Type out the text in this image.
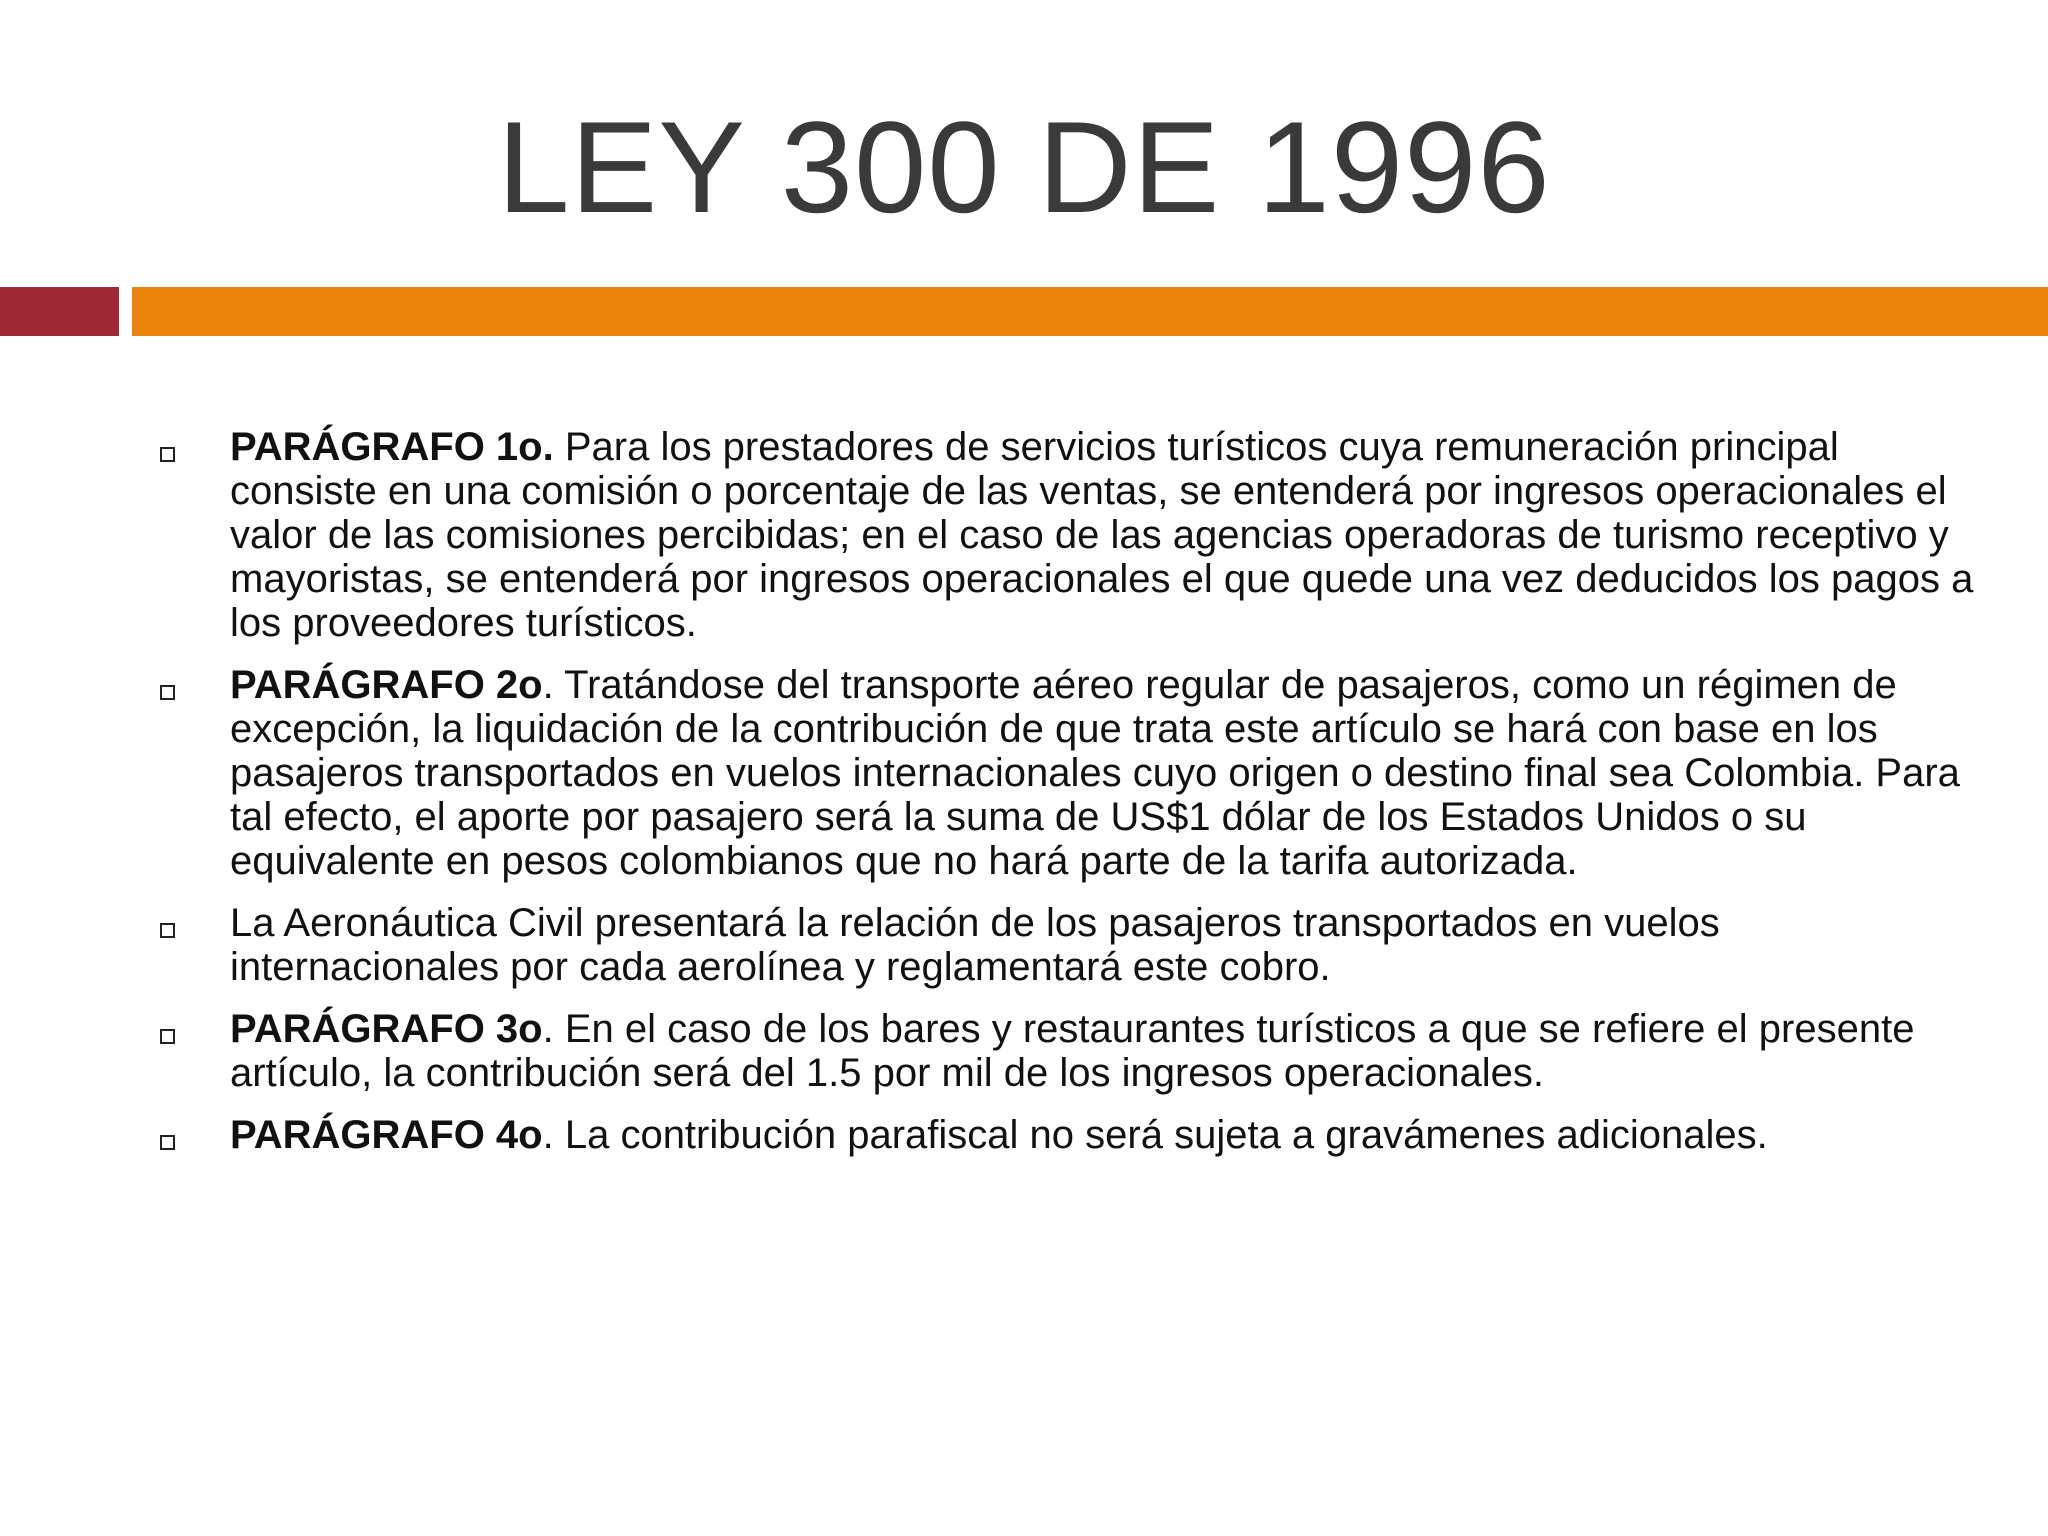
LEY 300 DE 1996
PARÁGRAFO 1o. Para los prestadores de servicios turísticos cuya remuneración principal consiste en una comisión o porcentaje de las ventas, se entenderá por ingresos operacionales el valor de las comisiones percibidas; en el caso de las agencias operadoras de turismo receptivo y mayoristas, se entenderá por ingresos operacionales el que quede una vez deducidos los pagos a los proveedores turísticos.
PARÁGRAFO 2o. Tratándose del transporte aéreo regular de pasajeros, como un régimen de excepción, la liquidación de la contribución de que trata este artículo se hará con base en los pasajeros transportados en vuelos internacionales cuyo origen o destino final sea Colombia. Para tal efecto, el aporte por pasajero será la suma de US$1 dólar de los Estados Unidos o su equivalente en pesos colombianos que no hará parte de la tarifa autorizada.
La Aeronáutica Civil presentará la relación de los pasajeros transportados en vuelos internacionales por cada aerolínea y reglamentará este cobro.
PARÁGRAFO 3o. En el caso de los bares y restaurantes turísticos a que se refiere el presente artículo, la contribución será del 1.5 por mil de los ingresos operacionales.
PARÁGRAFO 4o. La contribución parafiscal no será sujeta a gravámenes adicionales.
